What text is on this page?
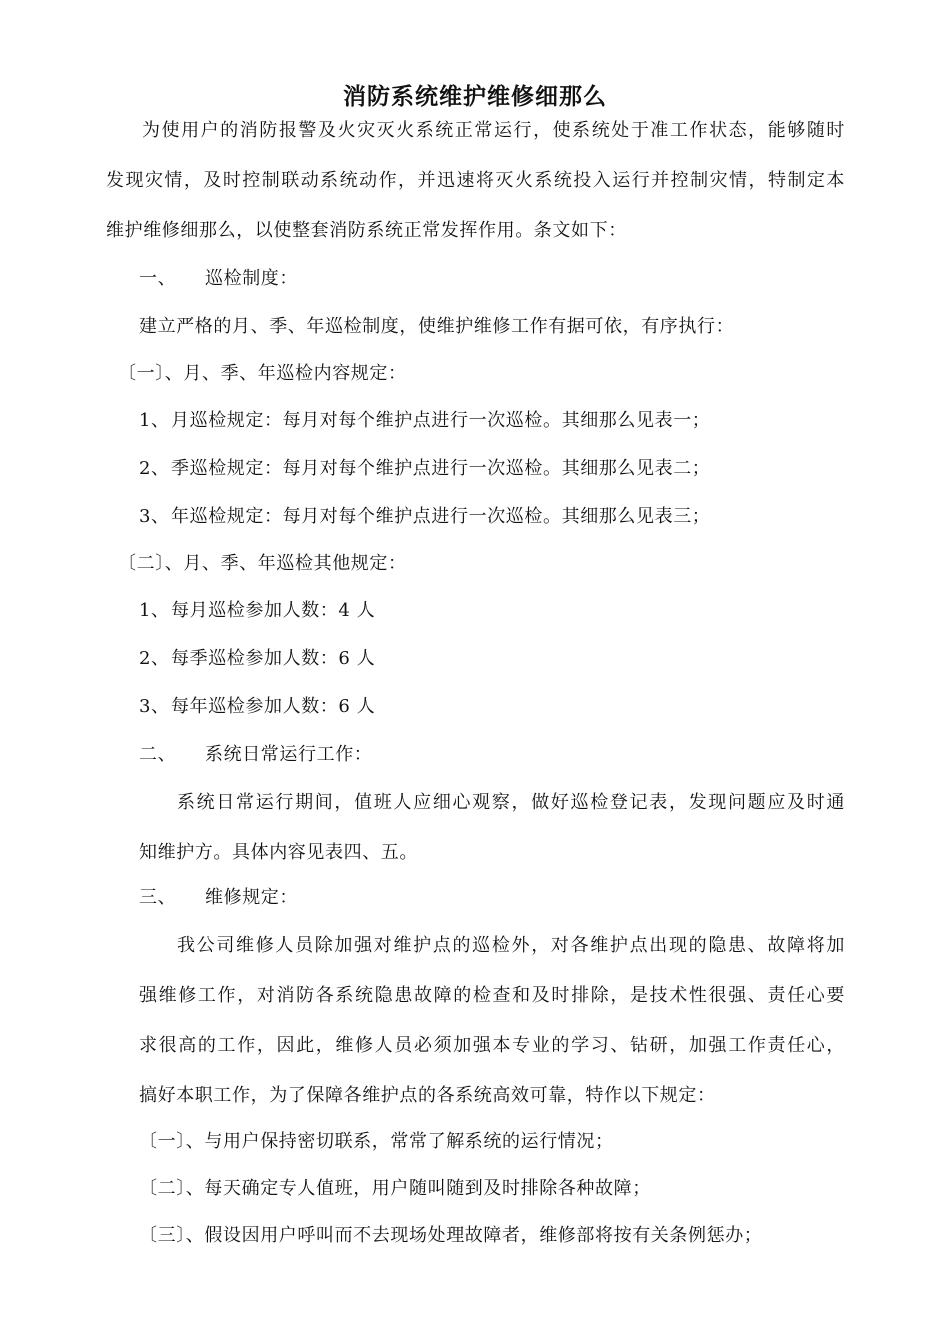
消防系统维护维修细那么
为使用户的消防报警及火灾灭火系统正常运行，使系统处于准工作状态，能够随时
发现灾情，及时控制联动系统动作，并迅速将灭火系统投入运行并控制灾情，特制定本
维护维修细那么，以使整套消防系统正常发挥作用。条文如下：
一、 巡检制度：
建立严格的月、季、年巡检制度，使维护维修工作有据可依，有序执行：
〔一〕、月、季、年巡检内容规定：
1、月巡检规定：每月对每个维护点进行一次巡检。其细那么见表一；
2、季巡检规定：每月对每个维护点进行一次巡检。其细那么见表二；
3、年巡检规定：每月对每个维护点进行一次巡检。其细那么见表三；
〔二〕、月、季、年巡检其他规定：
1、每月巡检参加人数：4 人
2、每季巡检参加人数：6 人
3、每年巡检参加人数：6 人
二、 系统日常运行工作：
系统日常运行期间，值班人应细心观察，做好巡检登记表，发现问题应及时通
知维护方。具体内容见表四、五。
三、 维修规定：
我公司维修人员除加强对维护点的巡检外，对各维护点出现的隐患、故障将加
强维修工作，对消防各系统隐患故障的检查和及时排除，是技术性很强、责任心要
求很高的工作，因此，维修人员必须加强本专业的学习、钻研，加强工作责任心，
搞好本职工作，为了保障各维护点的各系统高效可靠，特作以下规定：
〔一〕、与用户保持密切联系，常常了解系统的运行情况；
〔二〕、每天确定专人值班，用户随叫随到及时排除各种故障；
〔三〕、假设因用户呼叫而不去现场处理故障者，维修部将按有关条例惩办；
